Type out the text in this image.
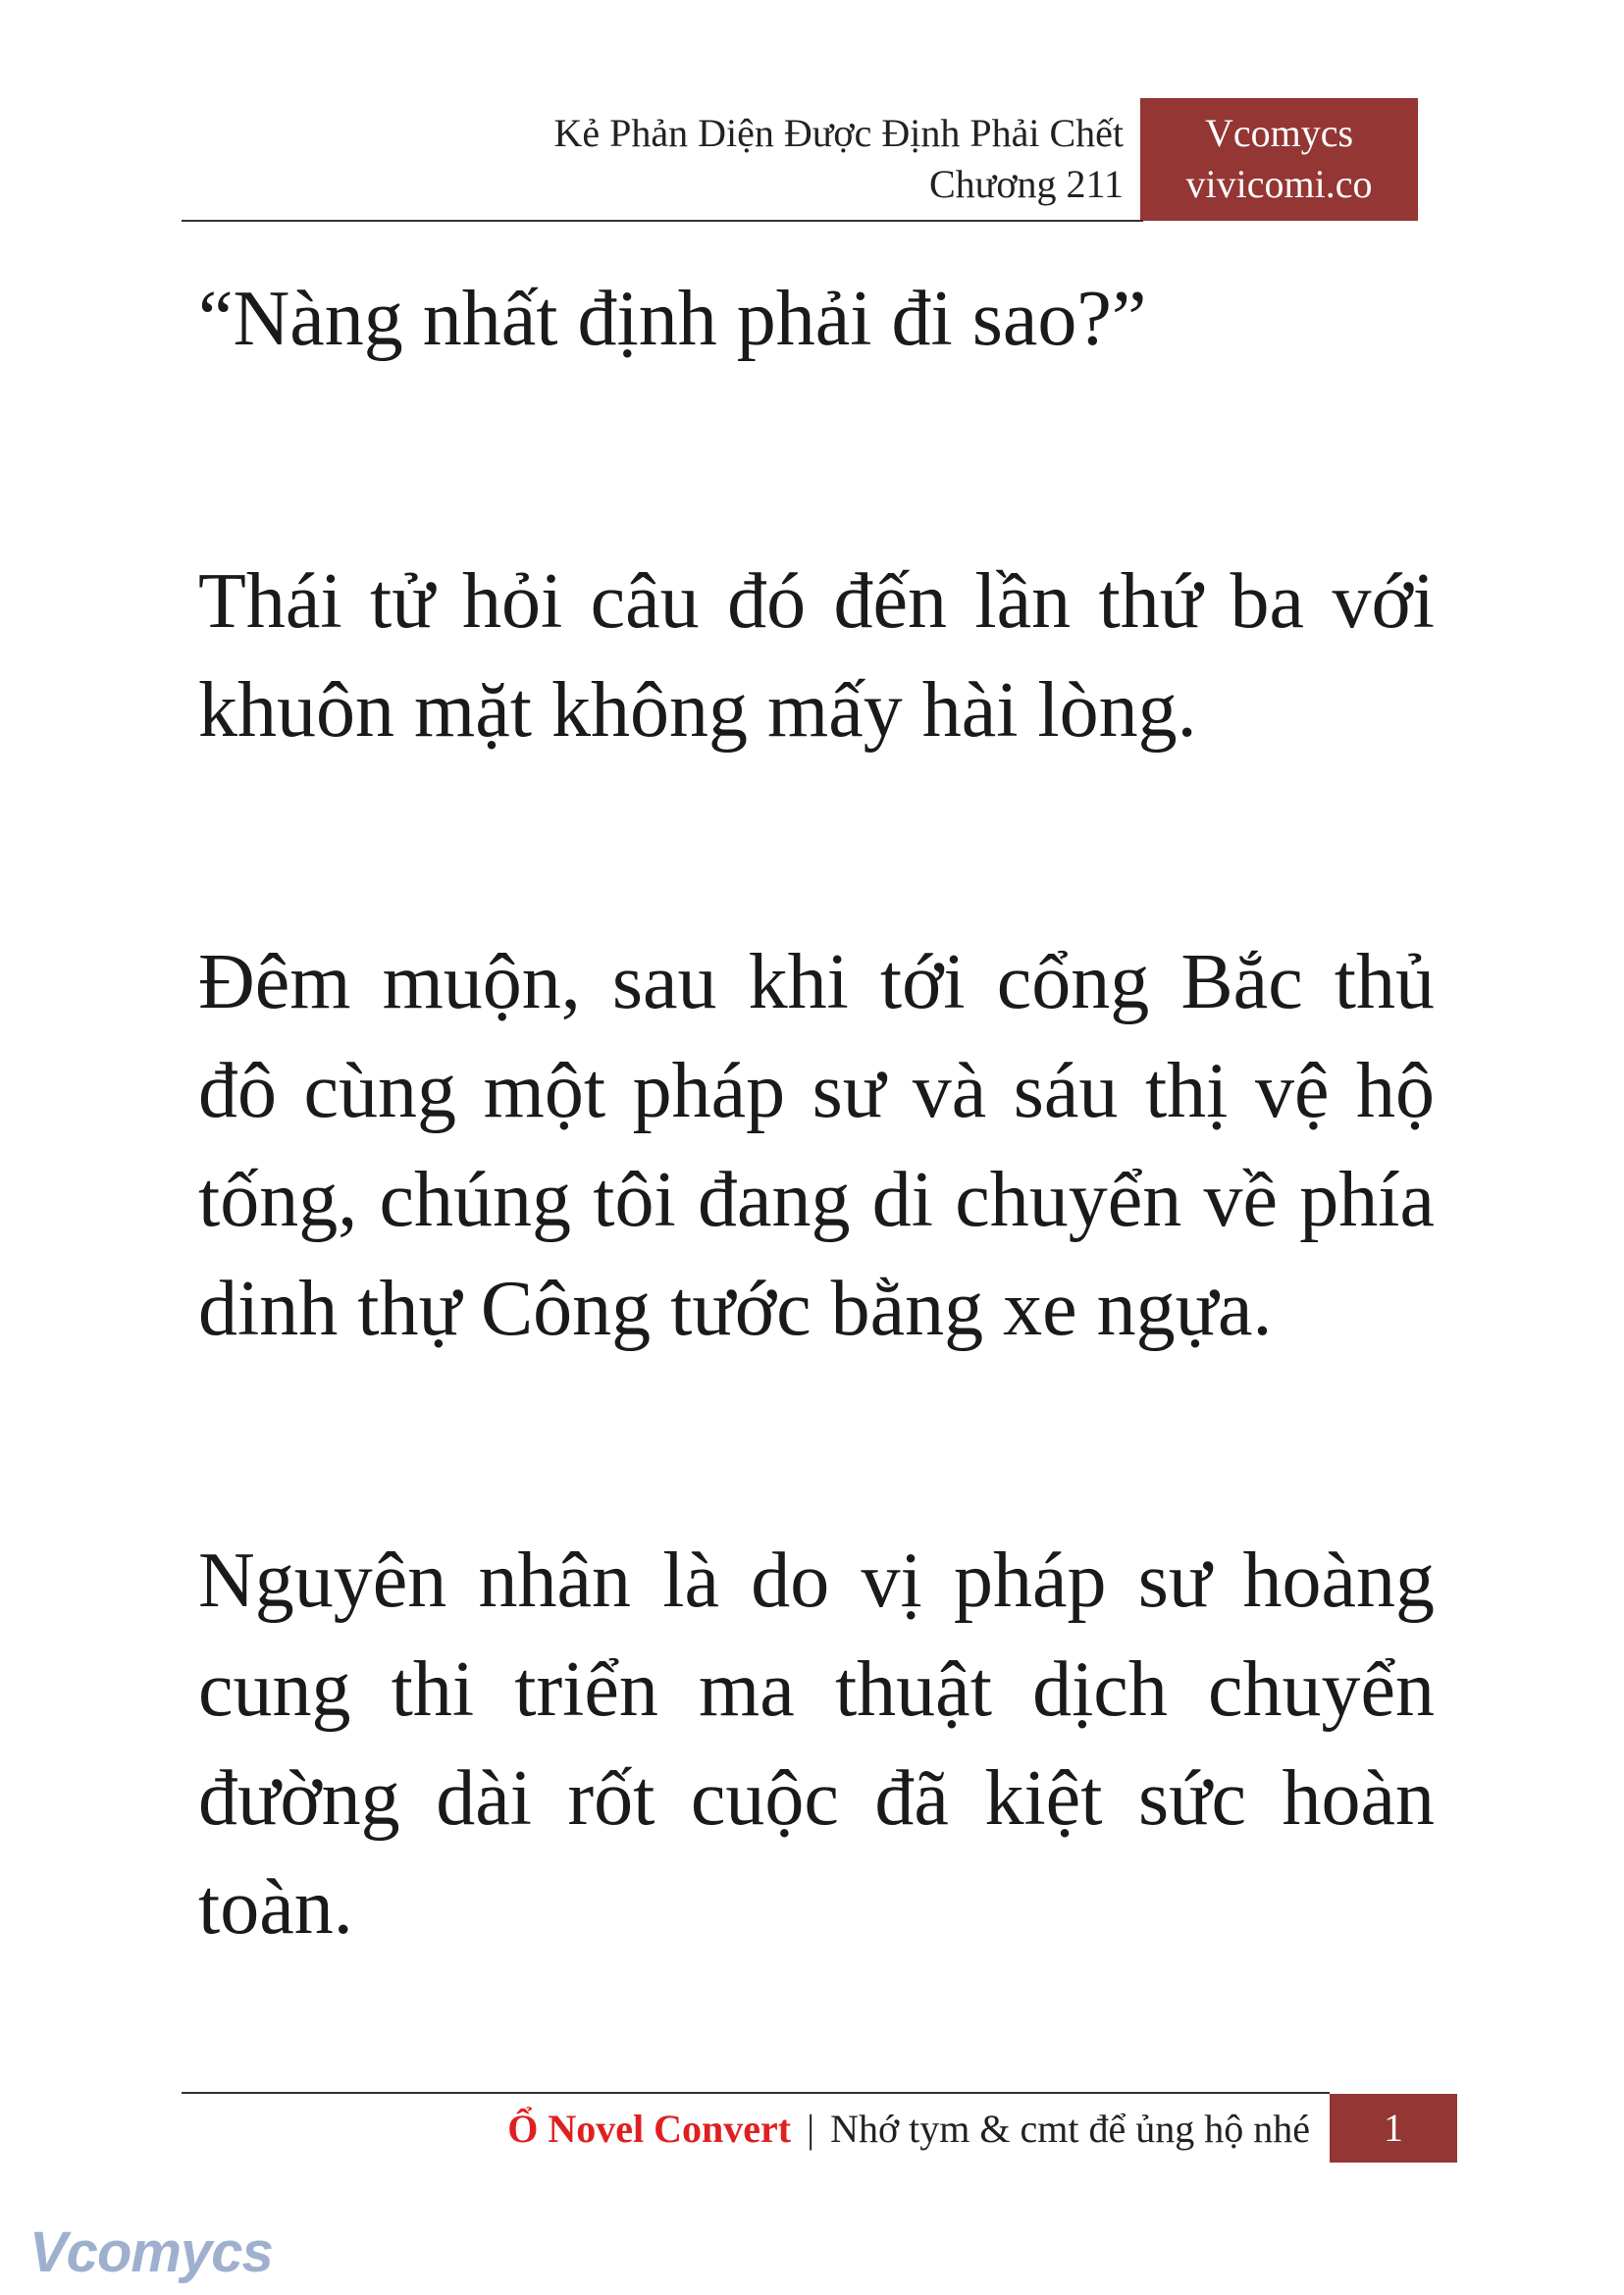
Kẻ Phản Diện Được Định Phải Chết
Chương 211
Vcomycs
vivicomi.co

“Nàng nhất định phải đi sao?”

Thái tử hỏi câu đó đến lần thứ ba với khuôn mặt không mấy hài lòng.

Đêm muộn, sau khi tới cổng Bắc thủ đô cùng một pháp sư và sáu thị vệ hộ tống, chúng tôi đang di chuyển về phía dinh thự Công tước bằng xe ngựa.

Nguyên nhân là do vị pháp sư hoàng cung thi triển ma thuật dịch chuyển đường dài rốt cuộc đã kiệt sức hoàn toàn.

Ổ Novel Convert | Nhớ tym & cmt để ủng hộ nhé	1
Vcomycs
